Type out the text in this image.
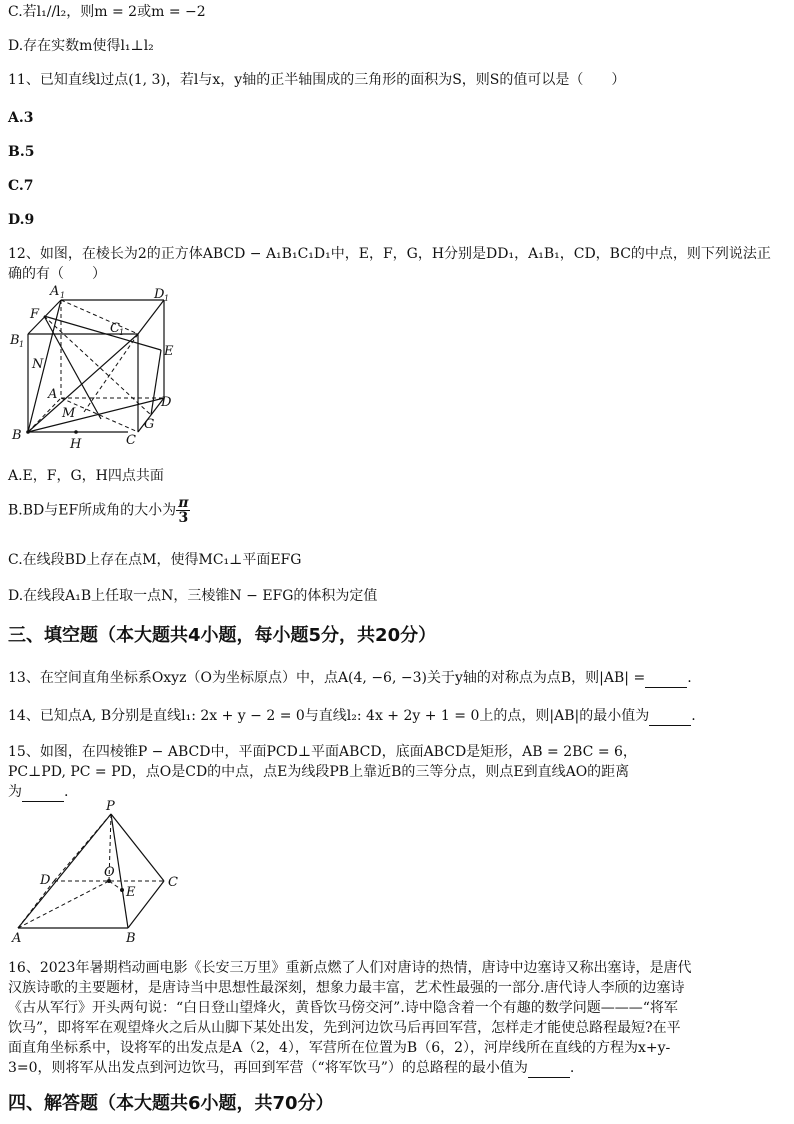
C.若l₁//l₂，则m = 2或m = −2
D.存在实数m使得l₁⊥l₂
11、已知直线l过点(1, 3)，若l与x，y轴的正半轴围成的三角形的面积为S，则S的值可以是（　　）
A.3
B.5
C.7
D.9
12、如图，在棱长为2的正方体ABCD − A₁B₁C₁D₁中，E，F，G，H分别是DD₁，A₁B₁，CD，BC的中点，则下列说法正确的有（　　）
A 1	D 1
F
C 1
B 1	E
N
A
D
M
G
B
H	C
A.E，F，G，H四点共面
B.BD与EF所成角的大小为 $\frac{\pi}{3}$
C.在线段BD上存在点M，使得MC₁⊥平面EFG
D.在线段A₁B上任取一点N，三棱锥N − EFG的体积为定值
三、填空题（本大题共4小题，每小题5分，共20分）
13、在空间直角坐标系Oxyz（O为坐标原点）中，点A(4, −6, −3)关于y轴的对称点为点B，则|AB| =	.
14、已知点A, B分别是直线l₁: 2x + y − 2 = 0与直线l₂: 4x + 2y + 1 = 0上的点，则|AB|的最小值为	.
15、如图，在四棱锥P − ABCD中，平面PCD⊥平面ABCD，底面ABCD是矩形，AB = 2BC = 6，
PC⊥PD, PC = PD，点O是CD的中点，点E为线段PB上靠近B的三等分点，则点E到直线AO的距离
为	.
P
D
O
C
E
A	B
16、2023年暑期档动画电影《长安三万里》重新点燃了人们对唐诗的热情，唐诗中边塞诗又称出塞诗，是唐代
汉族诗歌的主要题材，是唐诗当中思想性最深刻，想象力最丰富，艺术性最强的一部分.唐代诗人李颀的边塞诗
《古从军行》开头两句说：“白日登山望烽火，黄昏饮马傍交河”.诗中隐含着一个有趣的数学问题———“将军
饮马”，即将军在观望烽火之后从山脚下某处出发，先到河边饮马后再回军营，怎样走才能使总路程最短?在平
面直角坐标系中，设将军的出发点是A（2，4），军营所在位置为B（6，2），河岸线所在直线的方程为x+y-
3=0，则将军从出发点到河边饮马，再回到军营（“将军饮马”）的总路程的最小值为	.
四、解答题（本大题共6小题，共70分）
